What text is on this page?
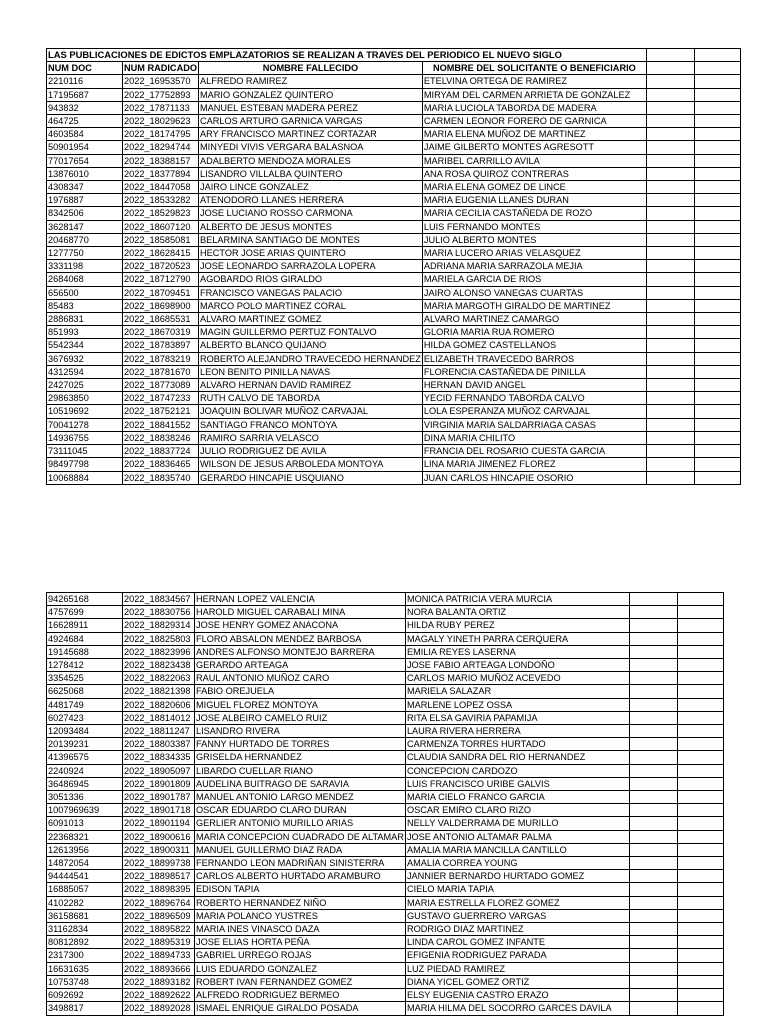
LAS PUBLICACIONES DE EDICTOS EMPLAZATORIOS SE REALIZAN A TRAVES DEL PERIODICO EL NUEVO SIGLO					
NUM DOC	NUM RADICADO	NOMBRE FALLECIDO	NOMBRE DEL SOLICITANTE O BENEFICIARIO		
2210116	2022_16953570	ALFREDO RAMIREZ	ETELVINA ORTEGA DE RAMIREZ		
17195687	2022_17752893	MARIO GONZALEZ QUINTERO	MIRYAM DEL CARMEN ARRIETA DE GONZALEZ		
943832	2022_17871133	MANUEL ESTEBAN MADERA PEREZ	MARIA LUCIOLA TABORDA DE MADERA		
464725	2022_18029623	CARLOS ARTURO GARNICA VARGAS	CARMEN LEONOR FORERO DE GARNICA		
4603584	2022_18174795	ARY FRANCISCO MARTINEZ CORTAZAR	MARIA ELENA MUÑOZ DE MARTINEZ		
50901954	2022_18294744	MINYEDI VIVIS VERGARA BALASNOA	JAIME GILBERTO MONTES AGRESOTT		
77017654	2022_18388157	ADALBERTO MENDOZA MORALES	MARIBEL CARRILLO AVILA		
13876010	2022_18377894	LISANDRO VILLALBA QUINTERO	ANA ROSA QUIROZ CONTRERAS		
4308347	2022_18447058	JAIRO LINCE GONZALEZ	MARIA ELENA GOMEZ DE LINCE		
1976887	2022_18533282	ATENODORO LLANES HERRERA	MARIA EUGENIA LLANES DURAN		
8342506	2022_18529823	JOSE LUCIANO ROSSO CARMONA	MARIA CECILIA CASTAÑEDA DE ROZO		
3628147	2022_18607120	ALBERTO DE JESUS MONTES	LUIS FERNANDO MONTES		
20468770	2022_18585081	BELARMINA SANTIAGO DE MONTES	JULIO ALBERTO MONTES		
1277750	2022_18628415	HECTOR JOSE ARIAS QUINTERO	MARIA LUCERO ARIAS VELASQUEZ		
3331198	2022_18720523	JOSE LEONARDO SARRAZOLA LOPERA	ADRIANA MARIA SARRAZOLA MEJIA		
2684068	2022_18712790	AGOBARDO RIOS GIRALDO	MARIELA GARCIA DE RIOS		
656500	2022_18709451	FRANCISCO VANEGAS PALACIO	JAIRO ALONSO VANEGAS CUARTAS		
85483	2022_18698900	MARCO POLO MARTINEZ CORAL	MARIA MARGOTH GIRALDO DE MARTINEZ		
2886831	2022_18685531	ALVARO MARTINEZ GOMEZ	ALVARO MARTINEZ CAMARGO		
851993	2022_18670319	MAGIN GUILLERMO PERTUZ FONTALVO	GLORIA MARIA RUA ROMERO		
5542344	2022_18783897	ALBERTO BLANCO QUIJANO	HILDA GOMEZ CASTELLANOS		
3676932	2022_18783219	ROBERTO ALEJANDRO TRAVECEDO HERNANDEZ	ELIZABETH TRAVECEDO BARROS		
4312594	2022_18781670	LEON BENITO PINILLA NAVAS	FLORENCIA CASTAÑEDA DE PINILLA		
2427025	2022_18773089	ALVARO HERNAN DAVID RAMIREZ	HERNAN DAVID ANGEL		
29863850	2022_18747233	RUTH CALVO DE TABORDA	YECID FERNANDO TABORDA CALVO		
10519692	2022_18752121	JOAQUIN BOLIVAR MUÑOZ CARVAJAL	LOLA ESPERANZA MUÑOZ CARVAJAL		
70041278	2022_18841552	SANTIAGO FRANCO MONTOYA	VIRGINIA MARIA SALDARRIAGA CASAS		
14936755	2022_18838246	RAMIRO SARRIA VELASCO	DINA MARIA CHILITO		
73111045	2022_18837724	JULIO RODRIGUEZ DE AVILA	FRANCIA DEL ROSARIO CUESTA GARCIA		
98497798	2022_18836465	WILSON DE JESUS ARBOLEDA MONTOYA	LINA MARIA JIMENEZ FLOREZ		
10068884	2022_18835740	GERARDO HINCAPIE USQUIANO	JUAN CARLOS HINCAPIE OSORIO		
94265168	2022_18834567	HERNAN LOPEZ VALENCIA	MONICA PATRICIA VERA MURCIA		
4757699	2022_18830756	HAROLD MIGUEL CARABALI MINA	NORA BALANTA ORTIZ		
16628911	2022_18829314	JOSE HENRY GOMEZ ANACONA	HILDA RUBY PEREZ		
4924684	2022_18825803	FLORO ABSALON MENDEZ BARBOSA	MAGALY YINETH PARRA CERQUERA		
19145688	2022_18823996	ANDRES ALFONSO MONTEJO BARRERA	EMILIA REYES LASERNA		
1278412	2022_18823438	GERARDO ARTEAGA	JOSE FABIO ARTEAGA LONDOÑO		
3354525	2022_18822063	RAUL ANTONIO MUÑOZ CARO	CARLOS MARIO MUÑOZ ACEVEDO		
6625068	2022_18821398	FABIO OREJUELA	MARIELA SALAZAR		
4481749	2022_18820606	MIGUEL FLOREZ MONTOYA	MARLENE LOPEZ OSSA		
6027423	2022_18814012	JOSE ALBEIRO CAMELO RUIZ	RITA ELSA GAVIRIA PAPAMIJA		
12093484	2022_18811247	LISANDRO RIVERA	LAURA RIVERA HERRERA		
20139231	2022_18803387	FANNY HURTADO DE TORRES	CARMENZA TORRES HURTADO		
41396575	2022_18834335	GRISELDA HERNANDEZ	CLAUDIA SANDRA DEL RIO HERNANDEZ		
2240924	2022_18905097	LIBARDO CUELLAR RIANO	CONCEPCION CARDOZO		
36486945	2022_18901809	AUDELINA BUITRAGO DE SARAVIA	LUIS FRANCISCO URIBE GALVIS		
3051336	2022_18901787	MANUEL ANTONIO LARGO MENDEZ	MARIA CIELO FRANCO GARCIA		
1007969639	2022_18901718	OSCAR EDUARDO CLARO DURAN	OSCAR EMIRO CLARO RIZO		
6091013	2022_18901194	GERLIER ANTONIO MURILLO ARIAS	NELLY VALDERRAMA DE MURILLO		
22368321	2022_18900616	MARIA CONCEPCION CUADRADO DE ALTAMAR	JOSE ANTONIO ALTAMAR PALMA		
12613956	2022_18900311	MANUEL GUILLERMO DIAZ RADA	AMALIA MARIA MANCILLA CANTILLO		
14872054	2022_18899738	FERNANDO LEON MADRIÑAN SINISTERRA	AMALIA CORREA YOUNG		
94444541	2022_18898517	CARLOS ALBERTO HURTADO ARAMBURO	JANNIER BERNARDO HURTADO GOMEZ		
16885057	2022_18898395	EDISON TAPIA	CIELO MARIA TAPIA		
4102282	2022_18896764	ROBERTO HERNANDEZ NIÑO	MARIA ESTRELLA FLOREZ GOMEZ		
36158681	2022_18896509	MARIA POLANCO YUSTRES	GUSTAVO GUERRERO VARGAS		
31162834	2022_18895822	MARIA INES VINASCO DAZA	RODRIGO DIAZ MARTINEZ		
80812892	2022_18895319	JOSE ELIAS HORTA PEÑA	LINDA CAROL GOMEZ INFANTE		
2317300	2022_18894733	GABRIEL URREGO ROJAS	EFIGENIA RODRIGUEZ PARADA		
16631635	2022_18893666	LUIS EDUARDO GONZALEZ	LUZ PIEDAD RAMIREZ		
10753748	2022_18893182	ROBERT IVAN FERNANDEZ GOMEZ	DIANA YICEL GOMEZ ORTIZ		
6092692	2022_18892622	ALFREDO RODRIGUEZ BERMEO	ELSY EUGENIA CASTRO ERAZO		
3498817	2022_18892028	ISMAEL ENRIQUE GIRALDO POSADA	MARIA HILMA DEL SOCORRO GARCES DAVILA		
